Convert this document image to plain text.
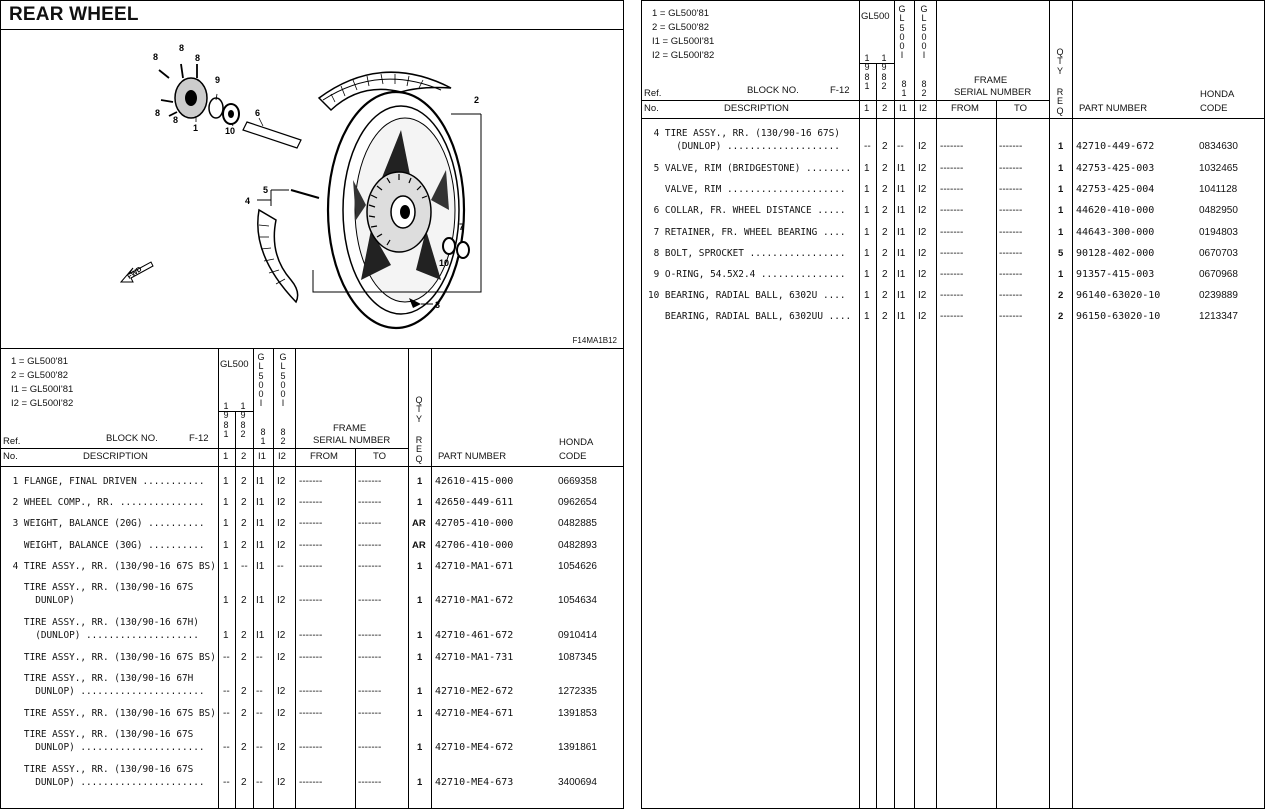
REAR WHEEL
8
8
8
8
8
9
6
1	10
2
5
4
7
10
3
FWD
F14MA1B12
1 = GL500'81
2 = GL500'82
I1 = GL500I'81
I2 = GL500I'82
Ref.
No.
BLOCK NO.	F-12
DESCRIPTION
GL500
G
L
5
0
0
I
G
L
5
0
0
I
1
9
8
1
1
9
8
2 8
1
8
2
1 2 I1 I2
FRAME
SERIAL NUMBER
FROM	TO
Q
T
Y
R
E
Q PART NUMBER
HONDA
CODE
1 FLANGE, FINAL DRIVEN ........... 1 2 I1 I2 -------	-------	1 42610-415-000	0669358
2 WHEEL COMP., RR. ............... 1 2 I1 I2 -------	-------	1 42650-449-611	0962654
3 WEIGHT, BALANCE (20G) .......... 1 2 I1 I2 -------	-------	AR 42705-410-000	0482885
WEIGHT, BALANCE (30G) .......... 1 2 I1 I2 -------	-------	AR 42706-410-000	0482893
4 TIRE ASSY., RR. (130/90-16 67S BS) 1 -- I1 -- -------	-------	1 42710-MA1-671	1054626
TIRE ASSY., RR. (130/90-16 67S
DUNLOP)	1 2 I1 I2 -------	-------	1 42710-MA1-672	1054634
TIRE ASSY., RR. (130/90-16 67H)
(DUNLOP) .................... 1 2 I1 I2 -------	-------	1 42710-461-672	0910414
TIRE ASSY., RR. (130/90-16 67S BS) -- 2 -- I2 -------	-------	1 42710-MA1-731	1087345
TIRE ASSY., RR. (130/90-16 67H
DUNLOP) ...................... -- 2 -- I2 -------	-------	1 42710-ME2-672	1272335
TIRE ASSY., RR. (130/90-16 67S BS) -- 2 -- I2 -------	-------	1 42710-ME4-671	1391853
TIRE ASSY., RR. (130/90-16 67S
DUNLOP) ...................... -- 2 -- I2 -------	-------	1 42710-ME4-672	1391861
TIRE ASSY., RR. (130/90-16 67S
DUNLOP) ...................... -- 2 -- I2 -------	-------	1 42710-ME4-673	3400694
1 = GL500'81
2 = GL500'82
I1 = GL500I'81
I2 = GL500I'82
Ref.
No.
BLOCK NO.	F-12
DESCRIPTION
GL500
G
L
5
0
0
I
G
L
5
0
0
I
1
9
8
1
1
9
8
2 8
1
8
2
1 2 I1 I2
FRAME
SERIAL NUMBER
FROM	TO
Q
T
Y
R
E
Q PART NUMBER
HONDA
CODE
4 TIRE ASSY., RR. (130/90-16 67S)
(DUNLOP) .................... -- 2 -- I2 -------	-------	1 42710-449-672	0834630
5 VALVE, RIM (BRIDGESTONE) ........ 1 2 I1 I2 -------	-------	1 42753-425-003	1032465
VALVE, RIM ..................... 1 2 I1 I2 -------	-------	1 42753-425-004	1041128
6 COLLAR, FR. WHEEL DISTANCE ..... 1 2 I1 I2 -------	-------	1 44620-410-000	0482950
7 RETAINER, FR. WHEEL BEARING .... 1 2 I1 I2 -------	-------	1 44643-300-000	0194803
8 BOLT, SPROCKET ................. 1 2 I1 I2 -------	-------	5 90128-402-000	0670703
9 O-RING, 54.5X2.4 ............... 1 2 I1 I2 -------	-------	1 91357-415-003	0670968
10 BEARING, RADIAL BALL, 6302U .... 1 2 I1 I2 -------	-------	2 96140-63020-10	0239889
BEARING, RADIAL BALL, 6302UU .... 1 2 I1 I2 -------	-------	2 96150-63020-10	1213347
